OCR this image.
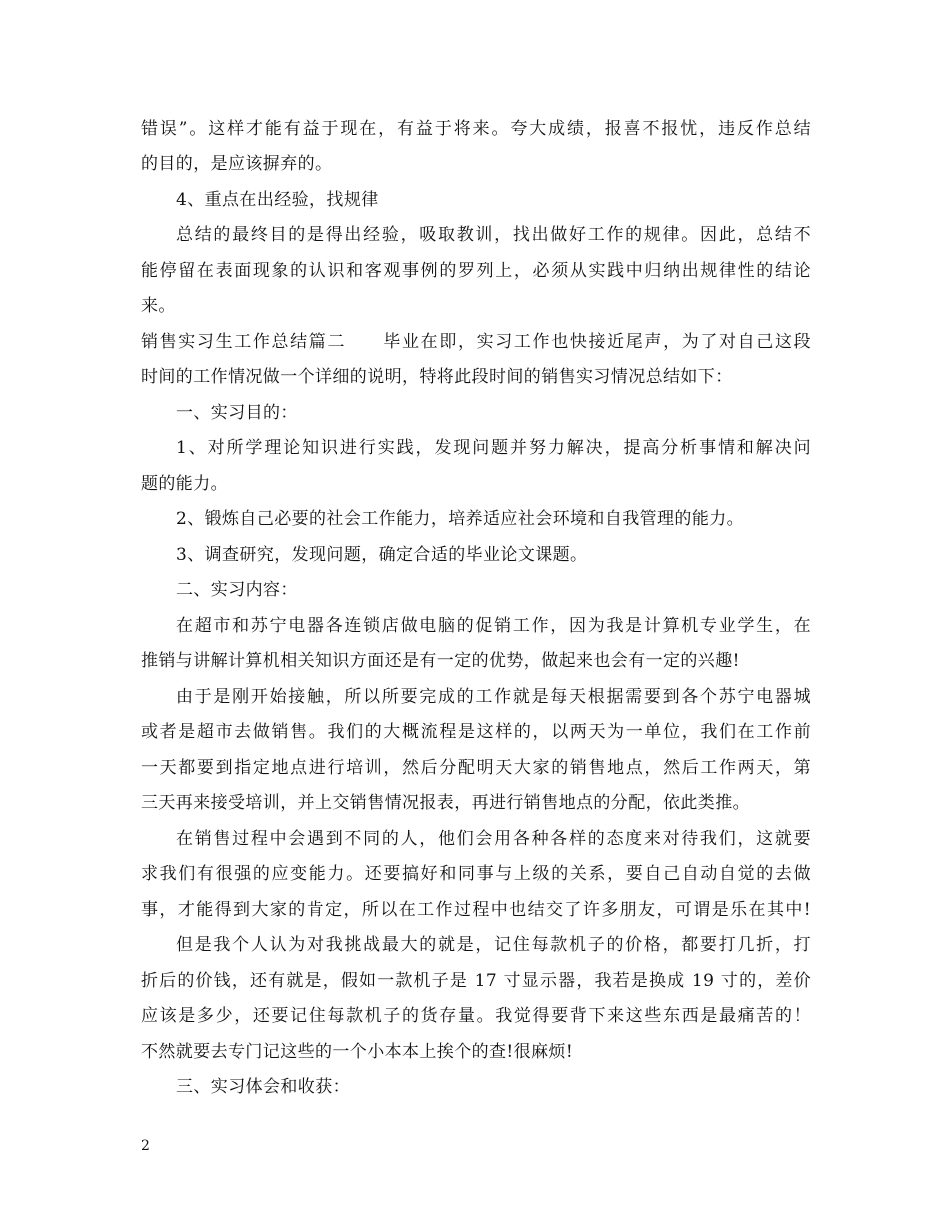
错误”。这样才能有益于现在，有益于将来。夸大成绩，报喜不报忧，违反作总结
的目的，是应该摒弃的。
4、重点在出经验，找规律
总结的最终目的是得出经验，吸取教训，找出做好工作的规律。因此，总结不
能停留在表面现象的认识和客观事例的罗列上，必须从实践中归纳出规律性的结论
来。
销售实习生工作总结篇二　　毕业在即，实习工作也快接近尾声，为了对自己这段
时间的工作情况做一个详细的说明，特将此段时间的销售实习情况总结如下：
一、实习目的：
1、对所学理论知识进行实践，发现问题并努力解决，提高分析事情和解决问
题的能力。
2、锻炼自己必要的社会工作能力，培养适应社会环境和自我管理的能力。
3、调查研究，发现问题，确定合适的毕业论文课题。
二、实习内容：
在超市和苏宁电器各连锁店做电脑的促销工作，因为我是计算机专业学生，在
推销与讲解计算机相关知识方面还是有一定的优势，做起来也会有一定的兴趣!
由于是刚开始接触，所以所要完成的工作就是每天根据需要到各个苏宁电器城
或者是超市去做销售。我们的大概流程是这样的，以两天为一单位，我们在工作前
一天都要到指定地点进行培训，然后分配明天大家的销售地点，然后工作两天，第
三天再来接受培训，并上交销售情况报表，再进行销售地点的分配，依此类推。
在销售过程中会遇到不同的人，他们会用各种各样的态度来对待我们，这就要
求我们有很强的应变能力。还要搞好和同事与上级的关系，要自己自动自觉的去做
事，才能得到大家的肯定，所以在工作过程中也结交了许多朋友，可谓是乐在其中!
但是我个人认为对我挑战最大的就是，记住每款机子的价格，都要打几折，打
折后的价钱，还有就是，假如一款机子是 17 寸显示器，我若是换成 19 寸的，差价
应该是多少，还要记住每款机子的货存量。我觉得要背下来这些东西是最痛苦的！
不然就要去专门记这些的一个小本本上挨个的查!很麻烦!
三、实习体会和收获：
2
